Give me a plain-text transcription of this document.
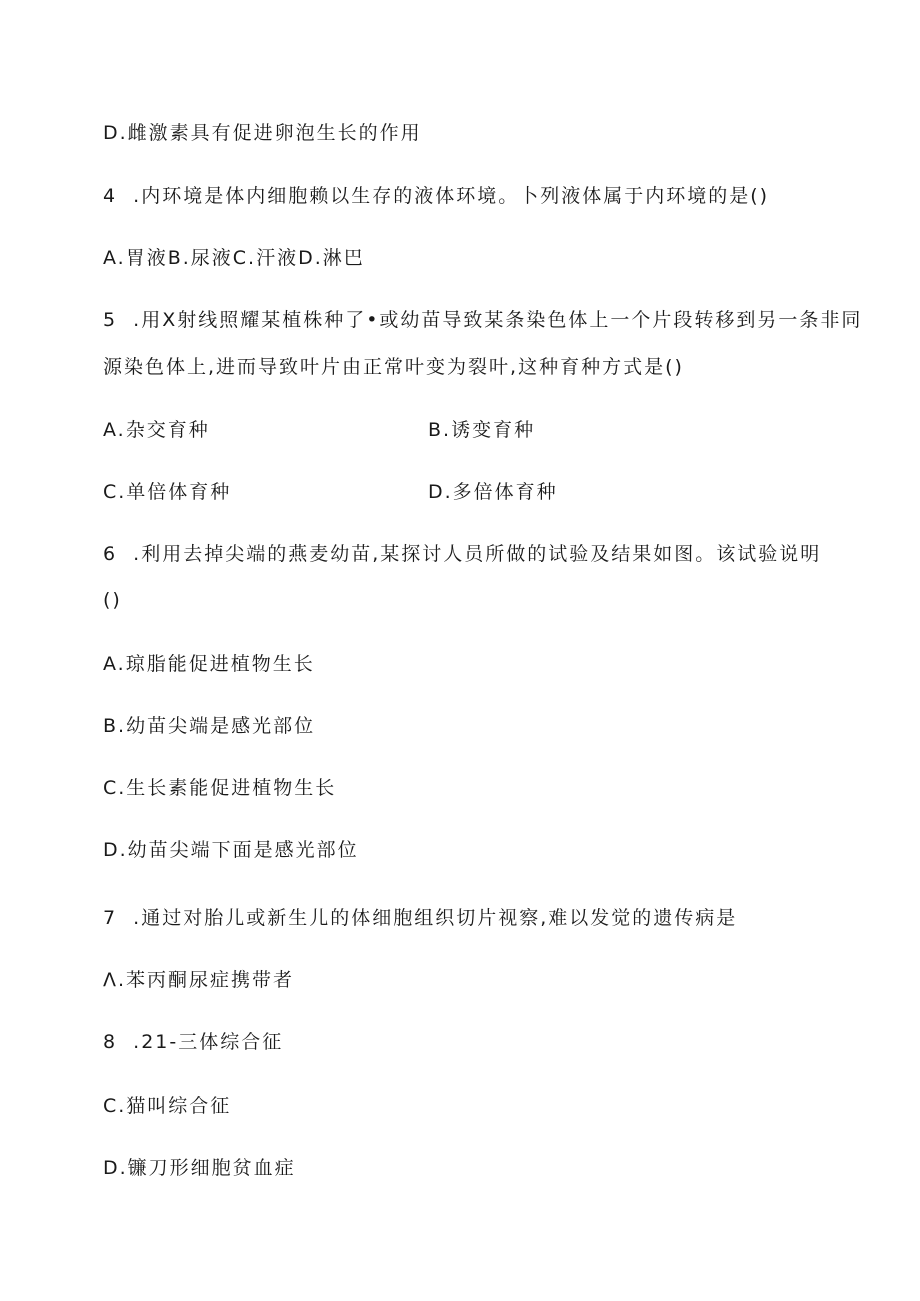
D.雌激素具有促进卵泡生长的作用
4  .内环境是体内细胞赖以生存的液体环境。卜列液体属于内环境的是()
A.胃液B.尿液C.汗液D.淋巴
5  .用X射线照耀某植株种了•或幼苗导致某条染色体上一个片段转移到另一条非同
源染色体上,进而导致叶片由正常叶变为裂叶,这种育种方式是()
A.杂交育种	B.诱变育种
C.单倍体育种	D.多倍体育种
6  .利用去掉尖端的燕麦幼苗,某探讨人员所做的试验及结果如图。该试验说明
()
A.琼脂能促进植物生长
B.幼苗尖端是感光部位
C.生长素能促进植物生长
D.幼苗尖端下面是感光部位
7  .通过对胎儿或新生儿的体细胞组织切片视察,难以发觉的遗传病是
Λ.苯丙酮尿症携带者
8  .21-三体综合征
C.猫叫综合征
D.镰刀形细胞贫血症
